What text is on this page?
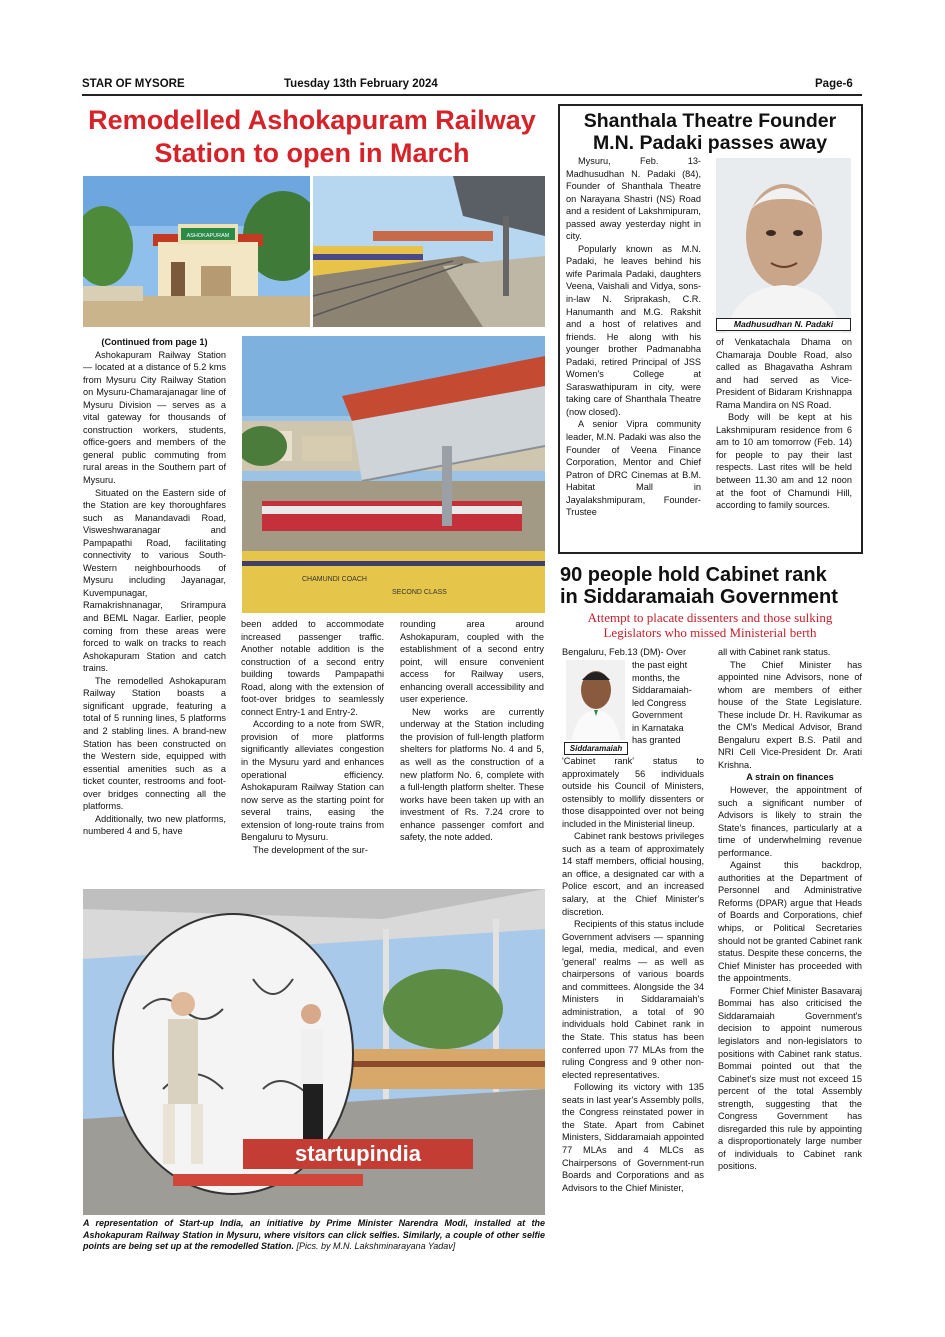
STAR OF MYSORE	Tuesday 13th February 2024	Page-6
Remodelled Ashokapuram Railway
Station to open in March
ASHOKAPURAM

(Continued from page 1)

Ashokapuram Railway Station — located at a distance of 5.2 kms from Mysuru City Railway Station on Mysuru-Chamarajanagar line of Mysuru Division — serves as a vital gateway for thousands of construction workers, students, office-goers and members of the general public commuting from rural areas in the Southern part of Mysuru.

Situated on the Eastern side of the Station are key thoroughfares such as Manandavadi Road, Visweshwaranagar and Pampapathi Road, facilitating connectivity to various South-Western neighbourhoods of Mysuru including Jayanagar, Kuvempunagar, Ramakrishnanagar, Srirampura and BEML Nagar. Earlier, people coming from these areas were forced to walk on tracks to reach Ashokapuram Station and catch trains.

The remodelled Ashokapuram Railway Station boasts a significant upgrade, featuring a total of 5 running lines, 5 platforms and 2 stabling lines. A brand-new Station has been constructed on the Western side, equipped with essential amenities such as a ticket counter, restrooms and foot-over bridges connecting all the platforms.

Additionally, two new platforms, numbered 4 and 5, have

CHAMUNDI COACH
SECOND CLASS

been added to accommodate increased passenger traffic. Another notable addition is the construction of a second entry building towards Pampapathi Road, along with the extension of foot-over bridges to seamlessly connect Entry-1 and Entry-2.

According to a note from SWR, provision of more platforms significantly alleviates congestion in the Mysuru yard and enhances operational efficiency. Ashokapuram Railway Station can now serve as the starting point for several trains, easing the extension of long-route trains from Bengaluru to Mysuru.

The development of the sur-

rounding area around Ashokapuram, coupled with the establishment of a second entry point, will ensure convenient access for Railway users, enhancing overall accessibility and user experience.

New works are currently underway at the Station including the provision of full-length platform shelters for platforms No. 4 and 5, as well as the construction of a new platform No. 6, complete with a full-length platform shelter. These works have been taken up with an investment of Rs. 7.24 crore to enhance passenger comfort and safety, the note added.

startupindia
A representation of Start-up India, an initiative by Prime Minister Narendra Modi, installed at the Ashokapuram Railway Station in Mysuru, where visitors can click selfies. Similarly, a couple of other selfie points are being set up at the remodelled Station. [Pics. by M.N. Lakshminarayana Yadav]
Shanthala Theatre Founder
M.N. Padaki passes away
Madhusudhan N. Padaki

Mysuru, Feb. 13- Madhusudhan N. Padaki (84), Founder of Shanthala Theatre on Narayana Shastri (NS) Road and a resident of Lakshmipuram, passed away yesterday night in city.

Popularly known as M.N. Padaki, he leaves behind his wife Parimala Padaki, daughters Veena, Vaishali and Vidya, sons-in-law N. Sriprakash, C.R. Hanumanth and M.G. Rakshit and a host of relatives and friends. He along with his younger brother Padmanabha Padaki, retired Principal of JSS Women's College at Saraswathipuram in city, were taking care of Shanthala Theatre (now closed).

A senior Vipra community leader, M.N. Padaki was also the Founder of Veena Finance Corporation, Mentor and Chief Patron of DRC Cinemas at B.M. Habitat Mall in Jayalakshmipuram, Founder-Trustee

of Venkatachala Dhama on Chamaraja Double Road, also called as Bhagavatha Ashram and had served as Vice-President of Bidaram Krishnappa Rama Mandira on NS Road.

Body will be kept at his Lakshmipuram residence from 6 am to 10 am tomorrow (Feb. 14) for people to pay their last respects. Last rites will be held between 11.30 am and 12 noon at the foot of Chamundi Hill, according to family sources.

90 people hold Cabinet rank
in Siddaramaiah Government
Attempt to placate dissenters and those sulking
Legislators who missed Ministerial berth
Siddaramaiah

Bengaluru, Feb.13 (DM)- Over

the past eight
months, the
Siddaramaiah-
led Congress
Government
in Karnataka
has granted

'Cabinet rank' status to approximately 56 individuals outside his Council of Ministers, ostensibly to mollify dissenters or those disappointed over not being included in the Ministerial lineup.

Cabinet rank bestows privileges such as a team of approximately 14 staff members, official housing, an office, a designated car with a Police escort, and an increased salary, at the Chief Minister's discretion.

Recipients of this status include Government advisers — spanning legal, media, medical, and even 'general' realms — as well as chairpersons of various boards and committees. Alongside the 34 Ministers in Siddaramaiah's administration, a total of 90 individuals hold Cabinet rank in the State. This status has been conferred upon 77 MLAs from the ruling Congress and 9 other non-elected representatives.

Following its victory with 135 seats in last year's Assembly polls, the Congress reinstated power in the State. Apart from Cabinet Ministers, Siddaramaiah appointed 77 MLAs and 4 MLCs as Chairpersons of Government-run Boards and Corporations and as Advisors to the Chief Minister,

all with Cabinet rank status.

The Chief Minister has appointed nine Advisors, none of whom are members of either house of the State Legislature. These include Dr. H. Ravikumar as the CM's Medical Advisor, Brand Bengaluru expert B.S. Patil and NRI Cell Vice-President Dr. Arati Krishna.

A strain on finances

However, the appointment of such a significant number of Advisors is likely to strain the State's finances, particularly at a time of underwhelming revenue performance.

Against this backdrop, authorities at the Department of Personnel and Administrative Reforms (DPAR) argue that Heads of Boards and Corporations, chief whips, or Political Secretaries should not be granted Cabinet rank status. Despite these concerns, the Chief Minister has proceeded with the appointments.

Former Chief Minister Basavaraj Bommai has also criticised the Siddaramaiah Government's decision to appoint numerous legislators and non-legislators to positions with Cabinet rank status. Bommai pointed out that the Cabinet's size must not exceed 15 percent of the total Assembly strength, suggesting that the Congress Government has disregarded this rule by appointing a disproportionately large number of individuals to Cabinet rank positions.
